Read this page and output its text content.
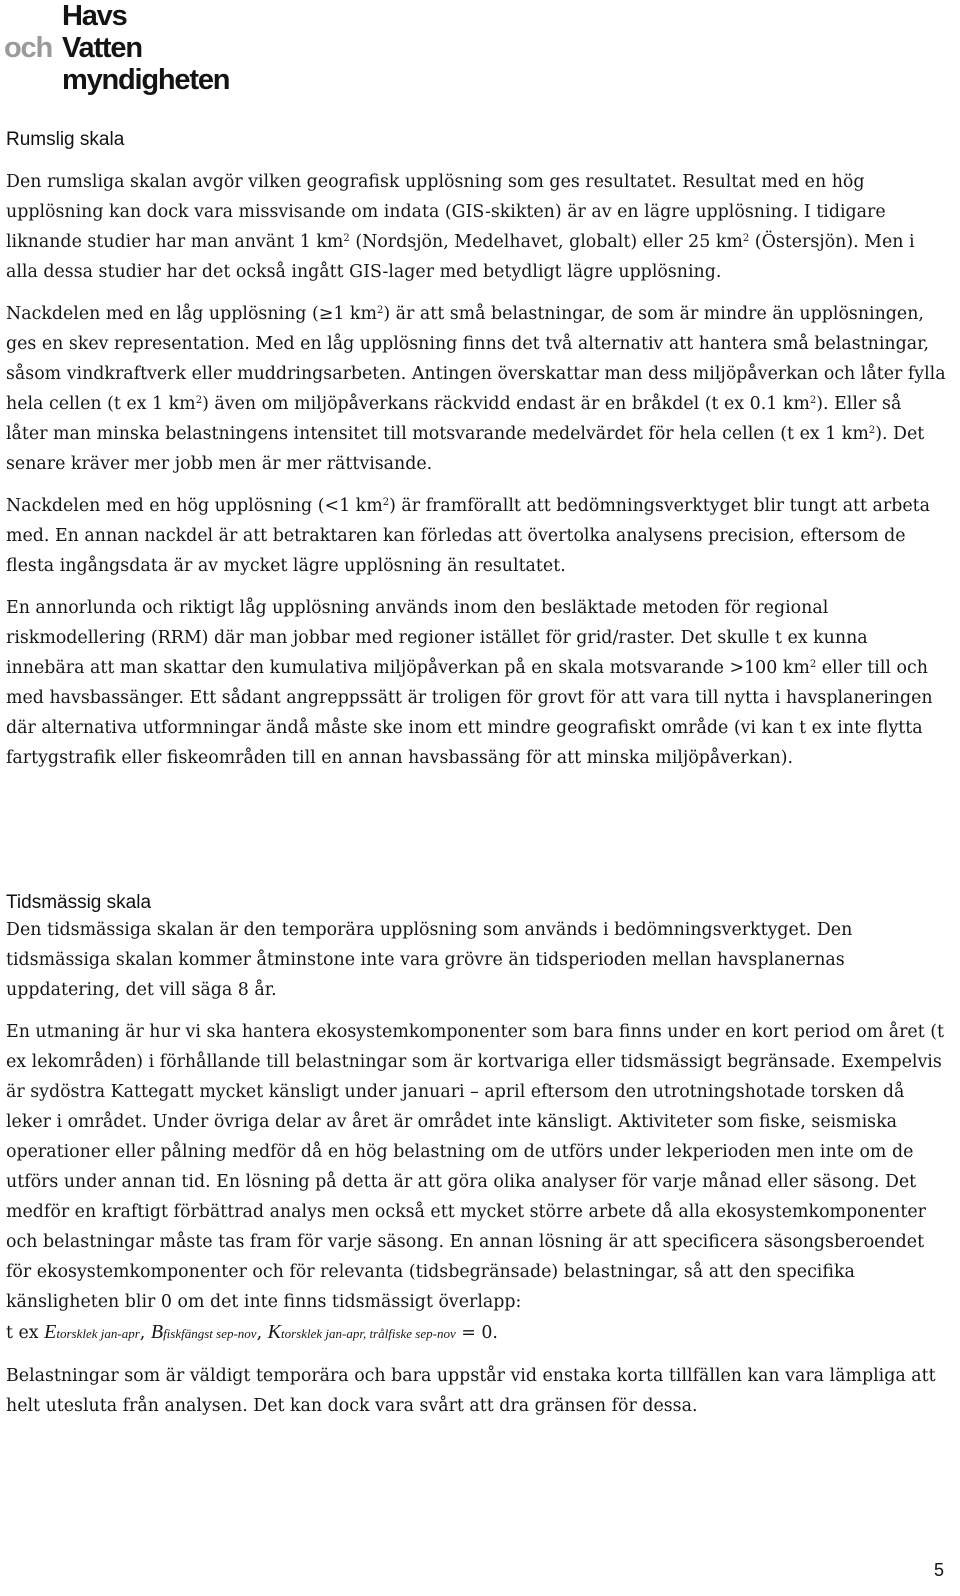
Havs
och Vatten
myndigheten
Rumslig skala

Den rumsliga skalan avgör vilken geografisk upplösning som ges resultatet. Resultat med en hög upplösning kan dock vara missvisande om indata (GIS-skikten) är av en lägre upplösning. I tidigare liknande studier har man använt 1 $km^2$ (Nordsjön, Medelhavet, globalt) eller 25 $km^2$ (Östersjön). Men i alla dessa studier har det också ingått GIS-lager med betydligt lägre upplösning.

Nackdelen med en låg upplösning (≥1 $km^2$) är att små belastningar, de som är mindre än upplösningen, ges en skev representation. Med en låg upplösning finns det två alternativ att hantera små belastningar, såsom vindkraftverk eller muddringsarbeten. Antingen överskattar man dess miljöpåverkan och låter fylla hela cellen (t ex 1 $km^2$) även om miljöpåverkans räckvidd endast är en bråkdel (t ex 0.1 $km^2$). Eller så låter man minska belastningens intensitet till motsvarande medelvärdet för hela cellen (t ex 1 $km^2$). Det senare kräver mer jobb men är mer rättvisande.

Nackdelen med en hög upplösning (<1 $km^2$) är framförallt att bedömningsverktyget blir tungt att arbeta med. En annan nackdel är att betraktaren kan förledas att övertolka analysens precision, eftersom de flesta ingångsdata är av mycket lägre upplösning än resultatet.

En annorlunda och riktigt låg upplösning används inom den besläktade metoden för regional riskmodellering (RRM) där man jobbar med regioner istället för grid/raster. Det skulle t ex kunna innebära att man skattar den kumulativa miljöpåverkan på en skala motsvarande >100 $km^2$ eller till och med havsbassänger. Ett sådant angreppssätt är troligen för grovt för att vara till nytta i havsplaneringen där alternativa utformningar ändå måste ske inom ett mindre geografiskt område (vi kan t ex inte flytta fartygstrafik eller fiskeområden till en annan havsbassäng för att minska miljöpåverkan).

Tidsmässig skala

Den tidsmässiga skalan är den temporära upplösning som används i bedömningsverktyget. Den tidsmässiga skalan kommer åtminstone inte vara grövre än tidsperioden mellan havsplanernas uppdatering, det vill säga 8 år.

En utmaning är hur vi ska hantera ekosystemkomponenter som bara finns under en kort period om året (t ex lekområden) i förhållande till belastningar som är kortvariga eller tidsmässigt begränsade. Exempelvis är sydöstra Kattegatt mycket känsligt under januari – april eftersom den utrotningshotade torsken då leker i området. Under övriga delar av året är området inte känsligt. Aktiviteter som fiske, seismiska operationer eller pålning medför då en hög belastning om de utförs under lekperioden men inte om de utförs under annan tid. En lösning på detta är att göra olika analyser för varje månad eller säsong. Det medför en kraftigt förbättrad analys men också ett mycket större arbete då alla ekosystemkomponenter och belastningar måste tas fram för varje säsong. En annan lösning är att specificera säsongsberoendet för ekosystemkomponenter och för relevanta (tidsbegränsade) belastningar, så att den specifika känsligheten blir 0 om det inte finns tidsmässigt överlapp:
t ex Etorsklek jan-apr, Bfiskfängst sep-nov, Ktorsklek jan-apr, trålfiske sep-nov = 0.

Belastningar som är väldigt temporära och bara uppstår vid enstaka korta tillfällen kan vara lämpliga att helt utesluta från analysen. Det kan dock vara svårt att dra gränsen för dessa.

5
